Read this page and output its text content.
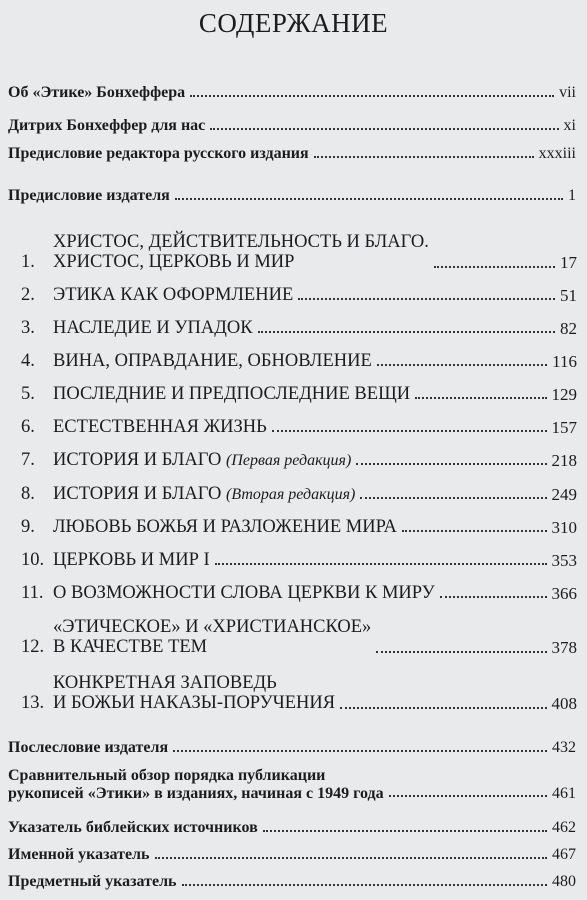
СОДЕРЖАНИЕ
Об «Этике» Бонхеффера	vii
Дитрих Бонхеффер для нас	xi
Предисловие редактора русского издания	xxxiii
Предисловие издателя	1
1.
ХРИСТОС, ДЕЙСТВИТЕЛЬНОСТЬ И БЛАГО.
ХРИСТОС, ЦЕРКОВЬ И МИР	17
2. ЭТИКА КАК ОФОРМЛЕНИЕ	51
3. НАСЛЕДИЕ И УПАДОК	82
4. ВИНА, ОПРАВДАНИЕ, ОБНОВЛЕНИЕ	116
5. ПОСЛЕДНИЕ И ПРЕДПОСЛЕДНИЕ ВЕЩИ	129
6. ЕСТЕСТВЕННАЯ ЖИЗНЬ	157
7. ИСТОРИЯ И БЛАГО (Первая редакция)	218
8. ИСТОРИЯ И БЛАГО (Вторая редакция)	249
9. ЛЮБОВЬ БОЖЬЯ И РАЗЛОЖЕНИЕ МИРА	310
10. ЦЕРКОВЬ И МИР I	353
11. О ВОЗМОЖНОСТИ СЛОВА ЦЕРКВИ К МИРУ	366
12.
«ЭТИЧЕСКОЕ» И «ХРИСТИАНСКОЕ»
В КАЧЕСТВЕ ТЕМ	378
13.
КОНКРЕТНАЯ ЗАПОВЕДЬ
И БОЖЬИ НАКАЗЫ-ПОРУЧЕНИЯ	408
Послесловие издателя	432
Сравнительный обзор порядка публикации
рукописей «Этики» в изданиях, начиная с 1949 года	461
Указатель библейских источников	462
Именной указатель	467
Предметный указатель	480
